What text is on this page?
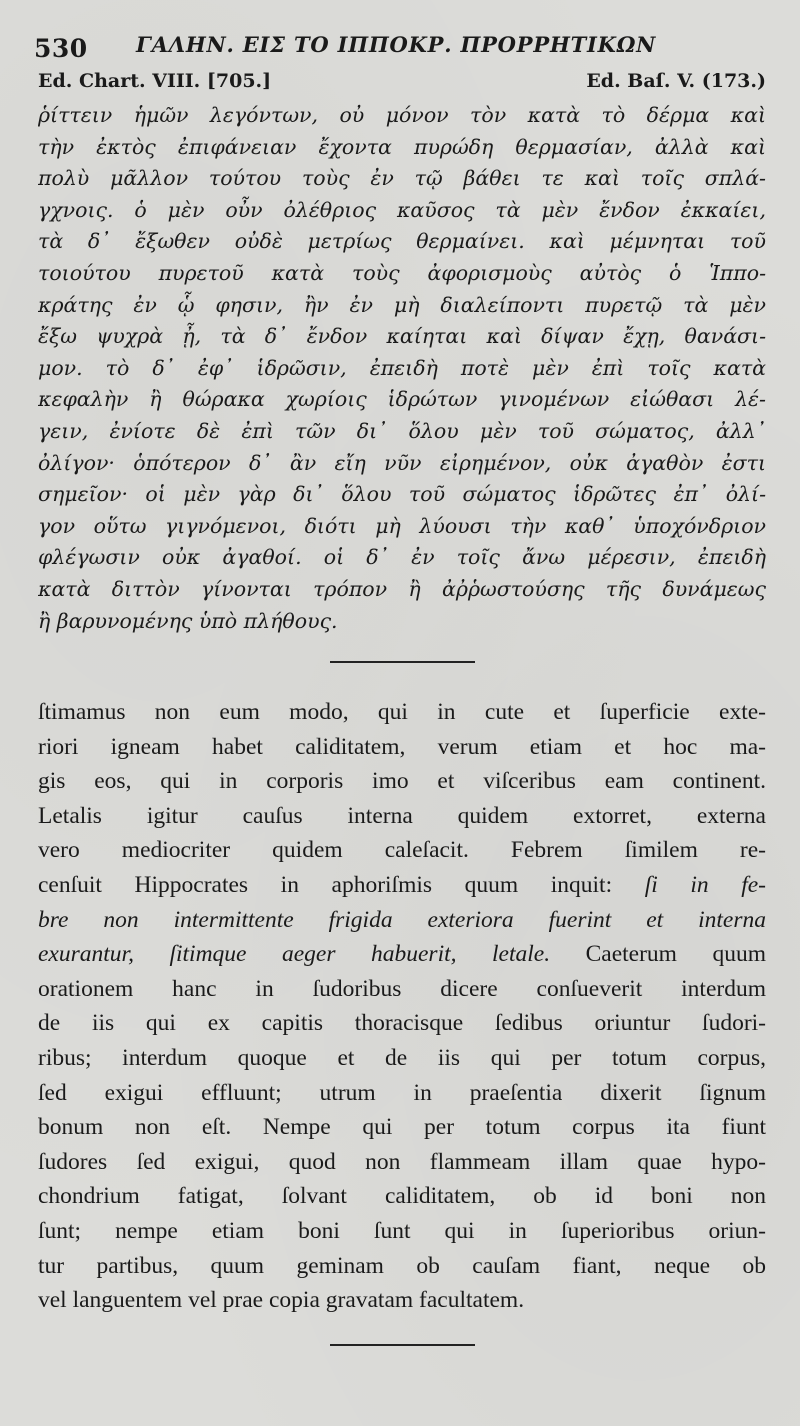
530 ΓΑΛΗΝ. ΕΙΣ ΤΟ ΙΠΠΟΚΡ. ΠΡΟΡΡΗΤΙΚΩΝ
Ed. Chart. VIII. [705.]	Ed. Baſ. V. (173.)
ῥίττειν ἡμῶν λεγόντων, οὐ μόνον τὸν κατὰ τὸ δέρμα καὶ
τὴν ἐκτὸς ἐπιφάνειαν ἔχοντα πυρώδη θερμασίαν, ἀλλὰ καὶ
πολὺ μᾶλλον τούτου τοὺς ἐν τῷ βάθει τε καὶ τοῖς σπλά-
γχνοις. ὁ μὲν οὖν ὀλέθριος καῦσος τὰ μὲν ἔνδον ἐκκαίει,
τὰ δ᾽ ἔξωθεν οὐδὲ μετρίως θερμαίνει. καὶ μέμνηται τοῦ
τοιούτου πυρετοῦ κατὰ τοὺς ἀφορισμοὺς αὐτὸς ὁ Ἱππο-
κράτης ἐν ᾧ φησιν, ἢν ἐν μὴ διαλείποντι πυρετῷ τὰ μὲν
ἔξω ψυχρὰ ᾖ, τὰ δ᾽ ἔνδον καίηται καὶ δίψαν ἔχῃ, θανάσι-
μον. τὸ δ᾽ ἐφ᾽ ἱδρῶσιν, ἐπειδὴ ποτὲ μὲν ἐπὶ τοῖς κατὰ
κεφαλὴν ἢ θώρακα χωρίοις ἱδρώτων γινομένων εἰώθασι λέ-
γειν, ἐνίοτε δὲ ἐπὶ τῶν δι᾽ ὅλου μὲν τοῦ σώματος, ἀλλ᾽
ὀλίγον· ὁπότερον δ᾽ ἂν εἴη νῦν εἰρημένον, οὐκ ἀγαθὸν ἐστι
σημεῖον· οἱ μὲν γὰρ δι᾽ ὅλου τοῦ σώματος ἱδρῶτες ἐπ᾽ ὀλί-
γον οὕτω γιγνόμενοι, διότι μὴ λύουσι τὴν καθ᾽ ὑποχόνδριον
φλέγωσιν οὐκ ἀγαθοί. οἱ δ᾽ ἐν τοῖς ἄνω μέρεσιν, ἐπειδὴ
κατὰ διττὸν γίνονται τρόπον ἢ ἀῤῥωστούσης τῆς δυνάμεως
ἢ βαρυνομένης ὑπὸ πλήθους.
ſtimamus non eum modo, qui in cute et ſuperficie exte-
riori igneam habet caliditatem, verum etiam et hoc ma-
gis eos, qui in corporis imo et viſceribus eam continent.
Letalis igitur cauſus interna quidem extorret, externa
vero mediocriter quidem caleſacit. Febrem ſimilem re-
cenſuit Hippocrates in aphoriſmis quum inquit: ſi in fe-
bre non intermittente frigida exteriora fuerint et interna
exurantur, ſitimque aeger habuerit, letale. Caeterum quum
orationem hanc in ſudoribus dicere conſueverit interdum
de iis qui ex capitis thoracisque ſedibus oriuntur ſudori-
ribus; interdum quoque et de iis qui per totum corpus,
ſed exigui effluunt; utrum in praeſentia dixerit ſignum
bonum non eſt. Nempe qui per totum corpus ita fiunt
ſudores ſed exigui, quod non flammeam illam quae hypo-
chondrium fatigat, ſolvant caliditatem, ob id boni non
ſunt; nempe etiam boni ſunt qui in ſuperioribus oriun-
tur partibus, quum geminam ob cauſam fiant, neque ob
vel languentem vel prae copia gravatam facultatem.
